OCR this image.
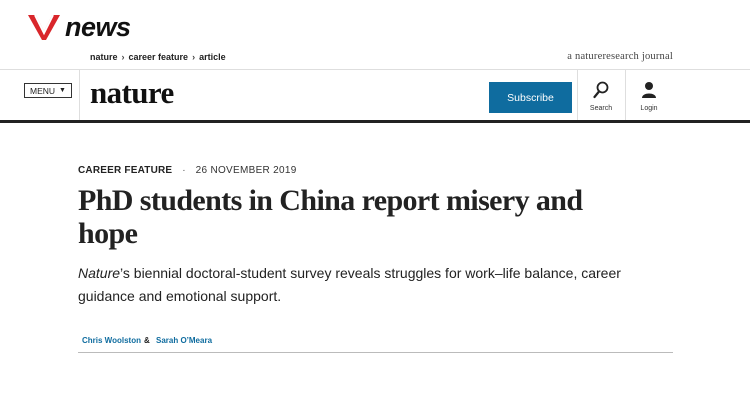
news
nature › career feature › article	a natureresearch journal
MENU ▼ nature	Subscribe
Search	Login
CAREER FEATURE · 26 NOVEMBER 2019
PhD students in China report misery and hope

Nature’s biennial doctoral-student survey reveals struggles for work–life balance, career guidance and emotional support.

Chris Woolston & Sarah O’Meara
